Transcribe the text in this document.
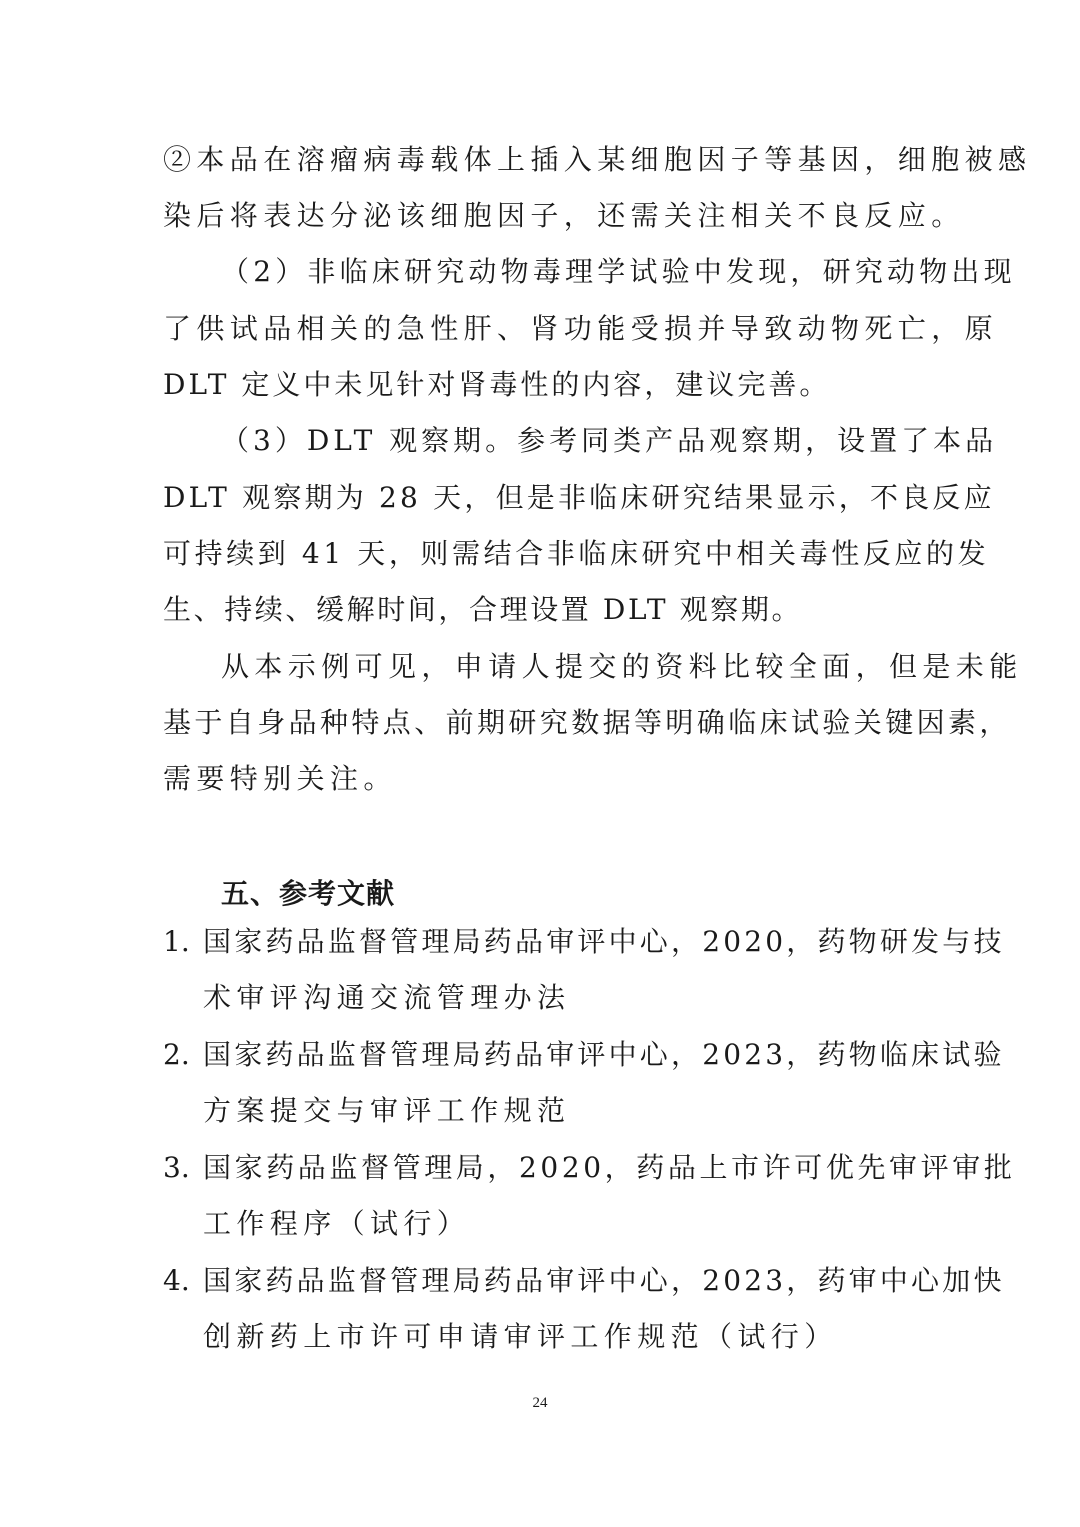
②本品在溶瘤病毒载体上插入某细胞因子等基因，细胞被感
染后将表达分泌该细胞因子，还需关注相关不良反应。
（2）非临床研究动物毒理学试验中发现，研究动物出现
了供试品相关的急性肝、肾功能受损并导致动物死亡，原
DLT 定义中未见针对肾毒性的内容，建议完善。
（3）DLT 观察期。参考同类产品观察期，设置了本品
DLT 观察期为 28 天，但是非临床研究结果显示，不良反应
可持续到 41 天，则需结合非临床研究中相关毒性反应的发
生、持续、缓解时间，合理设置 DLT 观察期。
从本示例可见，申请人提交的资料比较全面，但是未能
基于自身品种特点、前期研究数据等明确临床试验关键因素，
需要特别关注。
五、参考文献
1. 国家药品监督管理局药品审评中心，2020，药物研发与技
术审评沟通交流管理办法
2. 国家药品监督管理局药品审评中心，2023，药物临床试验
方案提交与审评工作规范
3. 国家药品监督管理局，2020，药品上市许可优先审评审批
工作程序（试行）
4. 国家药品监督管理局药品审评中心，2023，药审中心加快
创新药上市许可申请审评工作规范（试行）
24
